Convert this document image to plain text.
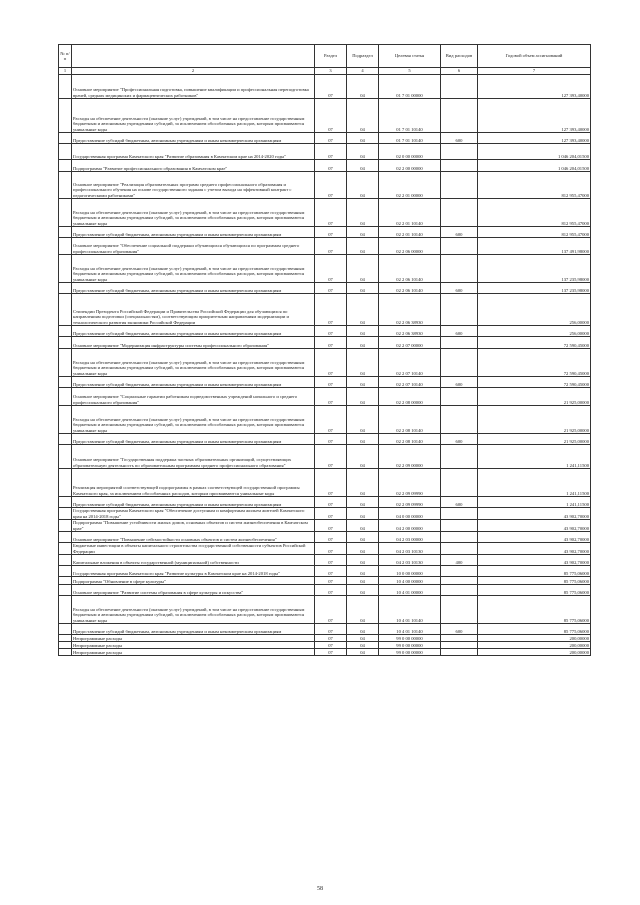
№ п/п		Раздел	Подраздел	Целевая статья	Вид расходов	Годовой объем ассигнований
1	2	3	4	5	6	7
	Основное мероприятие "Профессиональная подготовка, повышение квалификации и профессиональная переподготовка врачей, средних медицинских и фармацевтических работников"	07	04	01 7 01 00000		127 393,40000
	Расходы на обеспечение деятельности (оказание услуг) учреждений, в том числе на предоставление государственным бюджетным и автономным учреждениям субсидий, за исключением обособленных расходов, которым присваиваются уникальные коды	07	04	01 7 01 10140		127 393,40000
	Предоставление субсидий бюджетным, автономным учреждениям и иным некоммерческим организациям	07	04	01 7 01 10140	600	127 393,40000
	Государственная программа Камчатского края "Развитие образования в Камчатском крае на 2014-2020 годы"	07	04	02 0 00 00000		1 046 204,01500
	Подпрограмма "Развитие профессионального образования в Камчатском крае"	07	04	02 2 00 00000		1 046 204,01500
	Основное мероприятие "Реализация образовательных программ среднего профессионального образования и профессионального обучения на основе государственного задания с учетом выхода на эффективный контракт с педагогическими работниками"	07	04	02 2 01 00000		812 955,47000
	Расходы на обеспечение деятельности (оказание услуг) учреждений, в том числе на предоставление государственным бюджетным и автономным учреждениям субсидий, за исключением обособленных расходов, которым присваиваются уникальные коды	07	04	02 2 01 10140		812 955,47000
	Предоставление субсидий бюджетным, автономным учреждениям и иным некоммерческим организациям	07	04	02 2 01 10140	600	812 955,47000
	Основное мероприятие "Обеспечение социальной поддержки обучающихся обучающихся по программам среднего профессионального образования"	07	04	02 2 06 00000		137 491,98000
	Расходы на обеспечение деятельности (оказание услуг) учреждений, в том числе на предоставление государственным бюджетным и автономным учреждениям субсидий, за исключением обособленных расходов, которым присваиваются уникальные коды	07	04	02 2 06 10140		137 235,98000
	Предоставление субсидий бюджетным, автономным учреждениям и иным некоммерческим организациям	07	04	02 2 06 10140	600	137 235,98000
	Стипендии Президента Российской Федерации и Правительства Российской Федерации для обучающихся по направлениям подготовки (специальностям), соответствующим приоритетным направлениям модернизации и технологического развития экономики Российской Федерации	07	04	02 2 06 38930		256,00000
	Предоставление субсидий бюджетным, автономным учреждениям и иным некоммерческим организациям	07	04	02 2 06 38930	600	256,00000
	Основное мероприятие "Модернизация инфраструктуры системы профессионального образования"	07	04	02 2 07 00000		72 590,45000
	Расходы на обеспечение деятельности (оказание услуг) учреждений, в том числе на предоставление государственным бюджетным и автономным учреждениям субсидий, за исключением обособленных расходов, которым присваиваются уникальные коды	07	04	02 2 07 10140		72 590,45000
	Предоставление субсидий бюджетным, автономным учреждениям и иным некоммерческим организациям	07	04	02 2 07 10140	600	72 590,45000
	Основное мероприятие "Социальные гарантии работникам подведомственных учреждений начального и среднего профессионального образования"	07	04	02 2 08 00000		21 925,00000
	Расходы на обеспечение деятельности (оказание услуг) учреждений, в том числе на предоставление государственным бюджетным и автономным учреждениям субсидий, за исключением обособленных расходов, которым присваиваются уникальные коды	07	04	02 2 08 10140		21 925,00000
	Предоставление субсидий бюджетным, автономным учреждениям и иным некоммерческим организациям	07	04	02 2 08 10140	600	21 925,00000
	Основное мероприятие "Государственная поддержка частных образовательных организаций, осуществляющих образовательную деятельность по образовательным программам среднего профессионального образования"	07	04	02 2 09 00000		1 241,11500
	Реализация мероприятий соответствующей подпрограммы в рамках соответствующей государственной программы Камчатского края, за исключением обособленных расходов, которым присваиваются уникальные коды	07	04	02 2 09 09990		1 241,11500
	Предоставление субсидий бюджетным, автономным учреждениям и иным некоммерческим организациям	07	04	02 2 09 09990	600	1 241,11500
	Государственная программа Камчатского края "Обеспечение доступным и комфортным жильем жителей Камчатского края на 2014-2018 годы"	07	04	04 0 00 00000		43 902,70000
	Подпрограмма "Повышение устойчивости жилых домов, основных объектов и систем жизнеобеспечения в Камчатском крае"	07	04	04 2 00 00000		43 902,70000
	Основное мероприятие "Повышение сейсмостойкости основных объектов и систем жизнеобеспечения"	07	04	04 2 03 00000		43 902,70000
	Бюджетные инвестиции в объекты капитального строительства государственной собственности субъектов Российской Федерации	07	04	04 2 03 10130		43 902,70000
	Капитальные вложения в объекты государственной (муниципальной) собственности	07	04	04 2 03 10130	400	43 902,70000
	Государственная программа Камчатского края "Развитие культуры в Камчатском крае на 2014-2018 годы"	07	04	10 0 00 00000		85 775,06000
	Подпрограмма "Обновление в сфере культуры"	07	04	10 4 00 00000		85 775,06000
	Основное мероприятие "Развитие системы образования в сфере культуры и искусства"	07	04	10 4 01 00000		85 775,06000
	Расходы на обеспечение деятельности (оказание услуг) учреждений, в том числе на предоставление государственным бюджетным и автономным учреждениям субсидий, за исключением обособленных расходов, которым присваиваются уникальные коды	07	04	10 4 01 10140		85 775,06000
	Предоставление субсидий бюджетным, автономным учреждениям и иным некоммерческим организациям	07	04	10 4 01 10140	600	85 775,06000
	Непрограммные расходы	07	04	99 0 00 00000		200,00000
	Непрограммные расходы	07	04	99 0 00 00000		200,00000
	Непрограммные расходы	07	04	99 0 00 00000		200,00000
58
